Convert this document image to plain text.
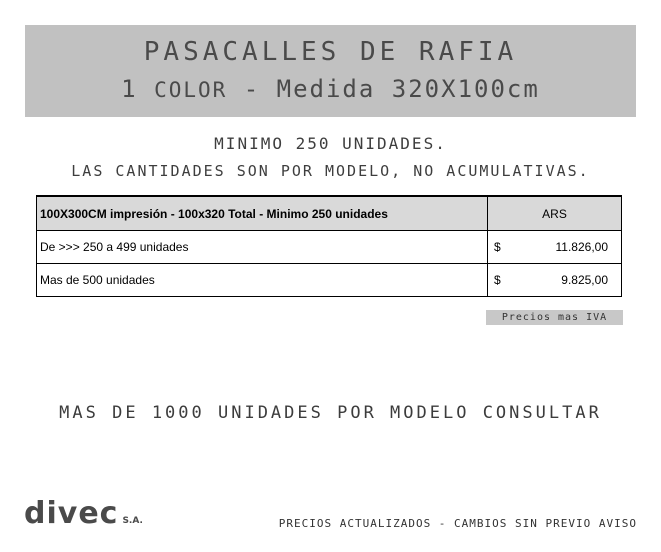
PASACALLES DE RAFIA
1 COLOR - Medida 320X100cm
MINIMO 250 UNIDADES.
LAS CANTIDADES SON POR MODELO, NO ACUMULATIVAS.
100X300CM impresión - 100x320 Total - Minimo 250 unidades	ARS
De >>> 250 a 499 unidades	$ 11.826,00

Mas de 500 unidades	$ 9.825,00
Precios mas IVA
MAS DE 1000 UNIDADES POR MODELO CONSULTAR
divec S.A.	PRECIOS ACTUALIZADOS - CAMBIOS SIN PREVIO AVISO
